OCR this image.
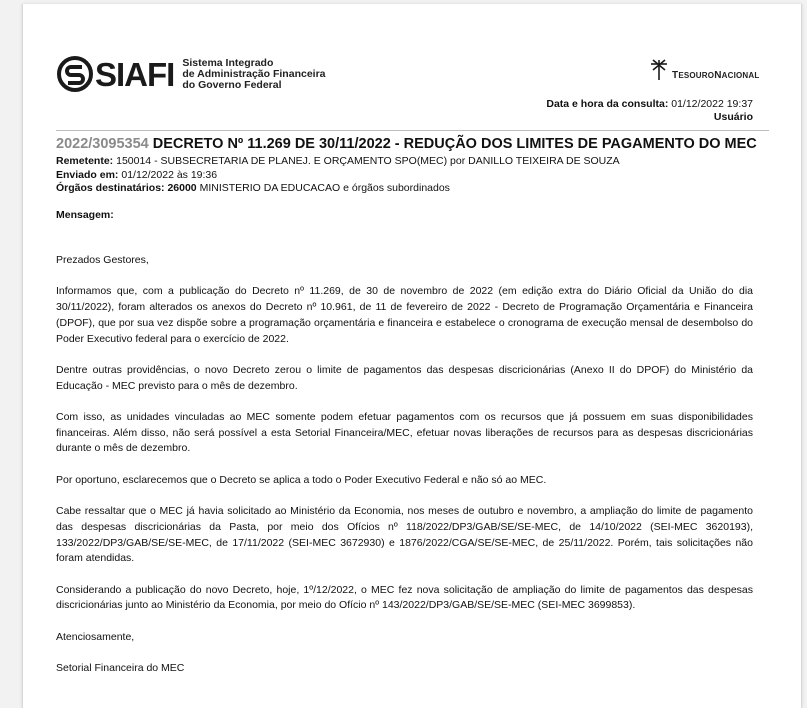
SIAFI Sistema Integrado
de Administração Financeira
do Governo Federal
TESOURONACIONAL
Data e hora da consulta: 01/12/2022 19:37
Usuário
2022/3095354 DECRETO Nº 11.269 DE 30/11/2022 - REDUÇÃO DOS LIMITES DE PAGAMENTO DO MEC
Remetente: 150014 - SUBSECRETARIA DE PLANEJ. E ORÇAMENTO SPO(MEC) por DANILLO TEIXEIRA DE SOUZA
Enviado em: 01/12/2022 às 19:36
Órgãos destinatários: 26000 MINISTERIO DA EDUCACAO e órgãos subordinados
Mensagem:

Prezados Gestores,

Informamos que, com a publicação do Decreto nº 11.269, de 30 de novembro de 2022 (em edição extra do Diário Oficial da União do dia 30/11/2022), foram alterados os anexos do Decreto nº 10.961, de 11 de fevereiro de 2022 - Decreto de Programação Orçamentária e Financeira (DPOF), que por sua vez dispõe sobre a programação orçamentária e financeira e estabelece o cronograma de execução mensal de desembolso do Poder Executivo federal para o exercício de 2022.

Dentre outras providências, o novo Decreto zerou o limite de pagamentos das despesas discricionárias (Anexo II do DPOF) do Ministério da Educação - MEC previsto para o mês de dezembro.

Com isso, as unidades vinculadas ao MEC somente podem efetuar pagamentos com os recursos que já possuem em suas disponibilidades financeiras. Além disso, não será possível a esta Setorial Financeira/MEC, efetuar novas liberações de recursos para as despesas discricionárias durante o mês de dezembro.

Por oportuno, esclarecemos que o Decreto se aplica a todo o Poder Executivo Federal e não só ao MEC.

Cabe ressaltar que o MEC já havia solicitado ao Ministério da Economia, nos meses de outubro e novembro, a ampliação do limite de pagamento das despesas discricionárias da Pasta, por meio dos Ofícios nº 118/2022/DP3/GAB/SE/SE-MEC, de 14/10/2022 (SEI-MEC 3620193), 133/2022/DP3/GAB/SE/SE-MEC, de 17/11/2022 (SEI-MEC 3672930) e 1876/2022/CGA/SE/SE-MEC, de 25/11/2022. Porém, tais solicitações não foram atendidas.

Considerando a publicação do novo Decreto, hoje, 1º/12/2022, o MEC fez nova solicitação de ampliação do limite de pagamentos das despesas discricionárias junto ao Ministério da Economia, por meio do Ofício nº 143/2022/DP3/GAB/SE/SE-MEC (SEI-MEC 3699853).

Atenciosamente,

Setorial Financeira do MEC
